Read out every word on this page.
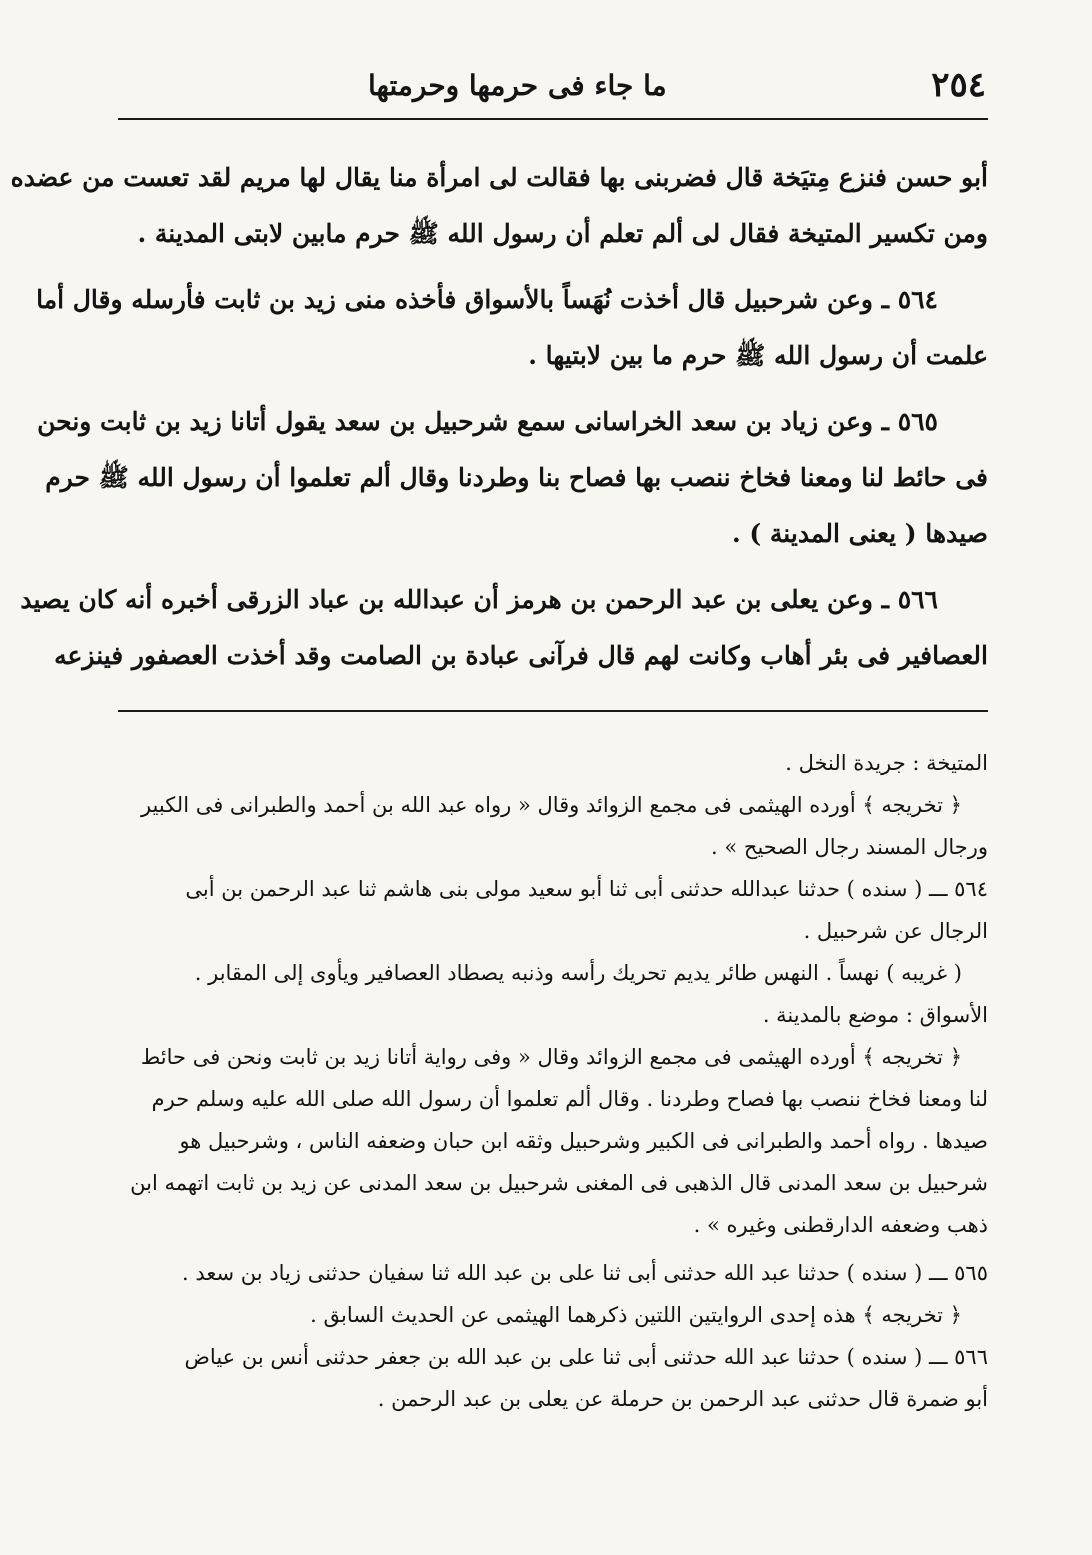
٢٥٤
ما جاء فى حرمها وحرمتها

أبو حسن فنزع مِتيَخة قال فضربنى بها فقالت لى امرأة منا يقال لها مريم لقد تعست من عضده
ومن تكسير المتيخة فقال لى ألم تعلم أن رسول الله ﷺ حرم مابين لابتى المدينة .

٥٦٤ ـ وعن شرحبيل قال أخذت نُهَساً بالأسواق فأخذه منى زيد بن ثابت فأرسله وقال أما
علمت أن رسول الله ﷺ حرم ما بين لابتيها .

٥٦٥ ـ وعن زياد بن سعد الخراسانى سمع شرحبيل بن سعد يقول أتانا زيد بن ثابت ونحن
فى حائط لنا ومعنا فخاخ ننصب بها فصاح بنا وطردنا وقال ألم تعلموا أن رسول الله ﷺ حرم
صيدها ( يعنى المدينة ) .

٥٦٦ ـ وعن يعلى بن عبد الرحمن بن هرمز أن عبدالله بن عباد الزرقى أخبره أنه كان يصيد
العصافير فى بئر أهاب وكانت لهم قال فرآنى عبادة بن الصامت وقد أخذت العصفور فينزعه

المتيخة : جريدة النخل .
﴿ تخريجه ﴾ أورده الهيثمى فى مجمع الزوائد وقال « رواه عبد الله بن أحمد والطبرانى فى الكبير
ورجال المسند رجال الصحيح » .
٥٦٤ ـــ ( سنده ) حدثنا عبدالله حدثنى أبى ثنا أبو سعيد مولى بنى هاشم ثنا عبد الرحمن بن أبى
الرجال عن شرحبيل .
( غريبه ) نهساً . النهس طائر يديم تحريك رأسه وذنبه يصطاد العصافير ويأوى إلى المقابر .
الأسواق : موضع بالمدينة .
﴿ تخريجه ﴾ أورده الهيثمى فى مجمع الزوائد وقال « وفى رواية أتانا زيد بن ثابت ونحن فى حائط
لنا ومعنا فخاخ ننصب بها فصاح وطردنا . وقال ألم تعلموا أن رسول الله صلى الله عليه وسلم حرم
صيدها . رواه أحمد والطبرانى فى الكبير وشرحبيل وثقه ابن حبان وضعفه الناس ، وشرحبيل هو
شرحبيل بن سعد المدنى قال الذهبى فى المغنى شرحبيل بن سعد المدنى عن زيد بن ثابت اتهمه ابن
ذهب وضعفه الدارقطنى وغيره » .
٥٦٥ ـــ ( سنده ) حدثنا عبد الله حدثنى أبى ثنا على بن عبد الله ثنا سفيان حدثنى زياد بن سعد .
﴿ تخريجه ﴾ هذه إحدى الروايتين اللتين ذكرهما الهيثمى عن الحديث السابق .
٥٦٦ ـــ ( سنده ) حدثنا عبد الله حدثنى أبى ثنا على بن عبد الله بن جعفر حدثنى أنس بن عياض
أبو ضمرة قال حدثنى عبد الرحمن بن حرملة عن يعلى بن عبد الرحمن .
